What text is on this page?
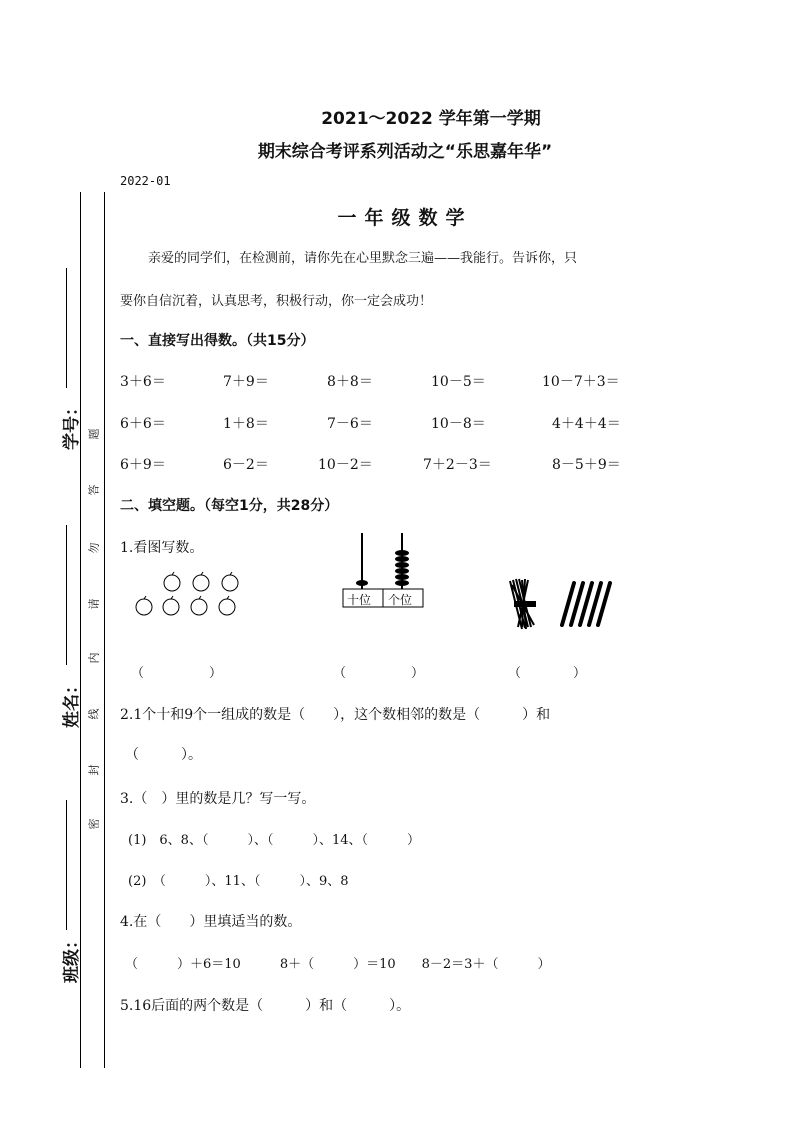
2021～2022 学年第一学期
期末综合考评系列活动之“乐思嘉年华”
2022-01
一年级数学
学号：
姓名：
班级：
题
答
勿
请
内
线
封
密
亲爱的同学们，在检测前，请你先在心里默念三遍——我能行。告诉你，只
要你自信沉着，认真思考，积极行动，你一定会成功！
一、直接写出得数。（共15分）
3＋6＝	7＋9＝	8＋8＝	10－5＝	10－7＋3＝
6＋6＝	1＋8＝	7－6＝	10－8＝	4＋4＋4＝
6＋9＝	6－2＝	10－2＝	7＋2－3＝	8－5＋9＝
二、填空题。（每空1分，共28分）
1.看图写数。
十位 个位
（　　　　　）	（　　　　　）	（　　　　）
2.1个十和9个一组成的数是（　　），这个数相邻的数是（　　　）和
（　　　）。
3.（　）里的数是几？写一写。
(1)　6、8、（　　　）、（　　　）、14、（　　　）
(2)　（　　　）、11、（　　　）、9、8
4.在（　　）里填适当的数。
（　　　）＋6＝10　　　8＋（　　　）＝10　　8－2＝3＋（　　　）
5.16后面的两个数是（　　　）和（　　　）。
